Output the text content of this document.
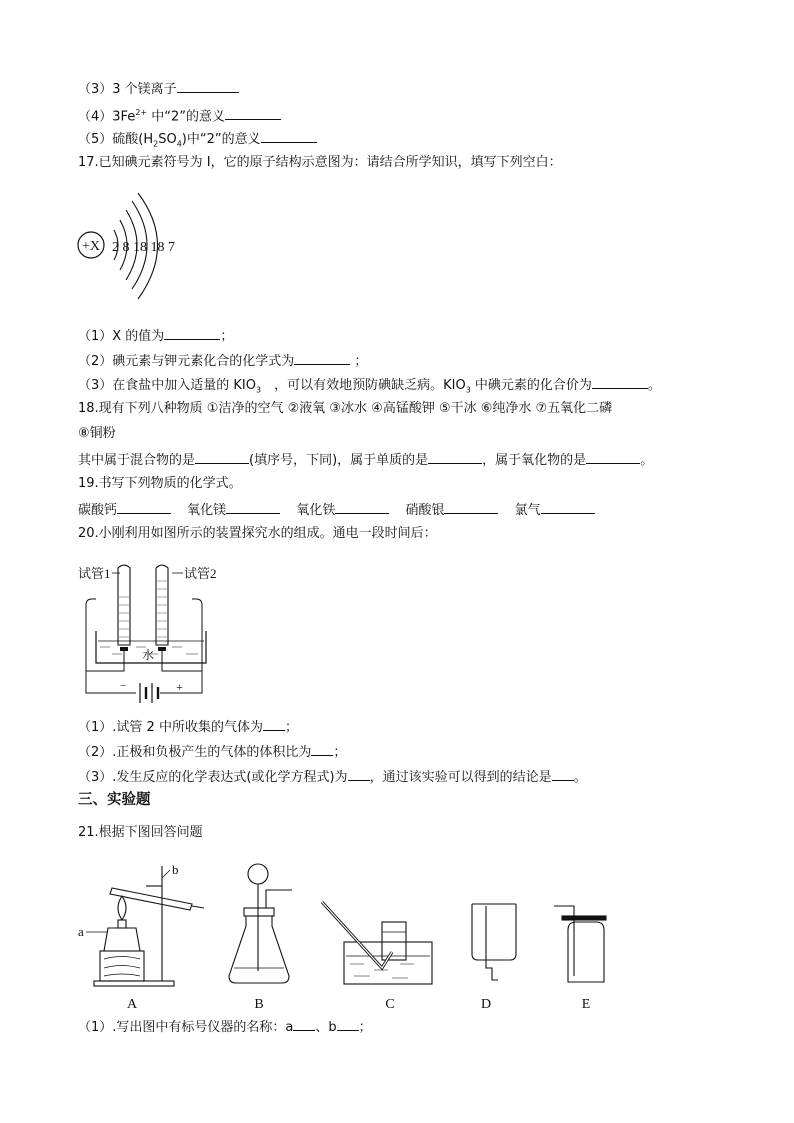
（3）3 个镁离子
$(4)3Fe^{2+}$ 中“2”的意义
（5）硫酸$(H_2SO_4)$中“2”的意义
17.已知碘元素符号为 I，它的原子结构示意图为：请结合所学知识，填写下列空白：
+X 2 8 18 18 7
（1）X 的值为	；
（2）碘元素与钾元素化合的化学式为	；
（3）在食盐中加入适量的 $KIO_3$　，可以有效地预防碘缺乏病。$KIO_3$ 中碘元素的化合价为	。
18.现有下列八种物质 ①洁净的空气 ②液氧 ③冰水 ④高锰酸钾 ⑤干冰 ⑥纯净水 ⑦五氧化二磷
⑧铜粉
其中属于混合物的是	(填序号，下同)，属于单质的是	，属于氧化物的是	。
19.书写下列物质的化学式。
碳酸钙	氧化镁	氧化铁	硝酸银	氯气
20.小刚利用如图所示的装置探究水的组成。通电一段时间后：
试管1	试管2
水
−	+
（1）.试管 2 中所收集的气体为 ；
（2）.正极和负极产生的气体的体积比为 ；
（3）.发生反应的化学表达式(或化学方程式)为 ，通过该实验可以得到的结论是 。
三、实验题
21.根据下图回答问题
a
b
A	B	C	D	E
（1）.写出图中有标号仪器的名称：a 、b ；
